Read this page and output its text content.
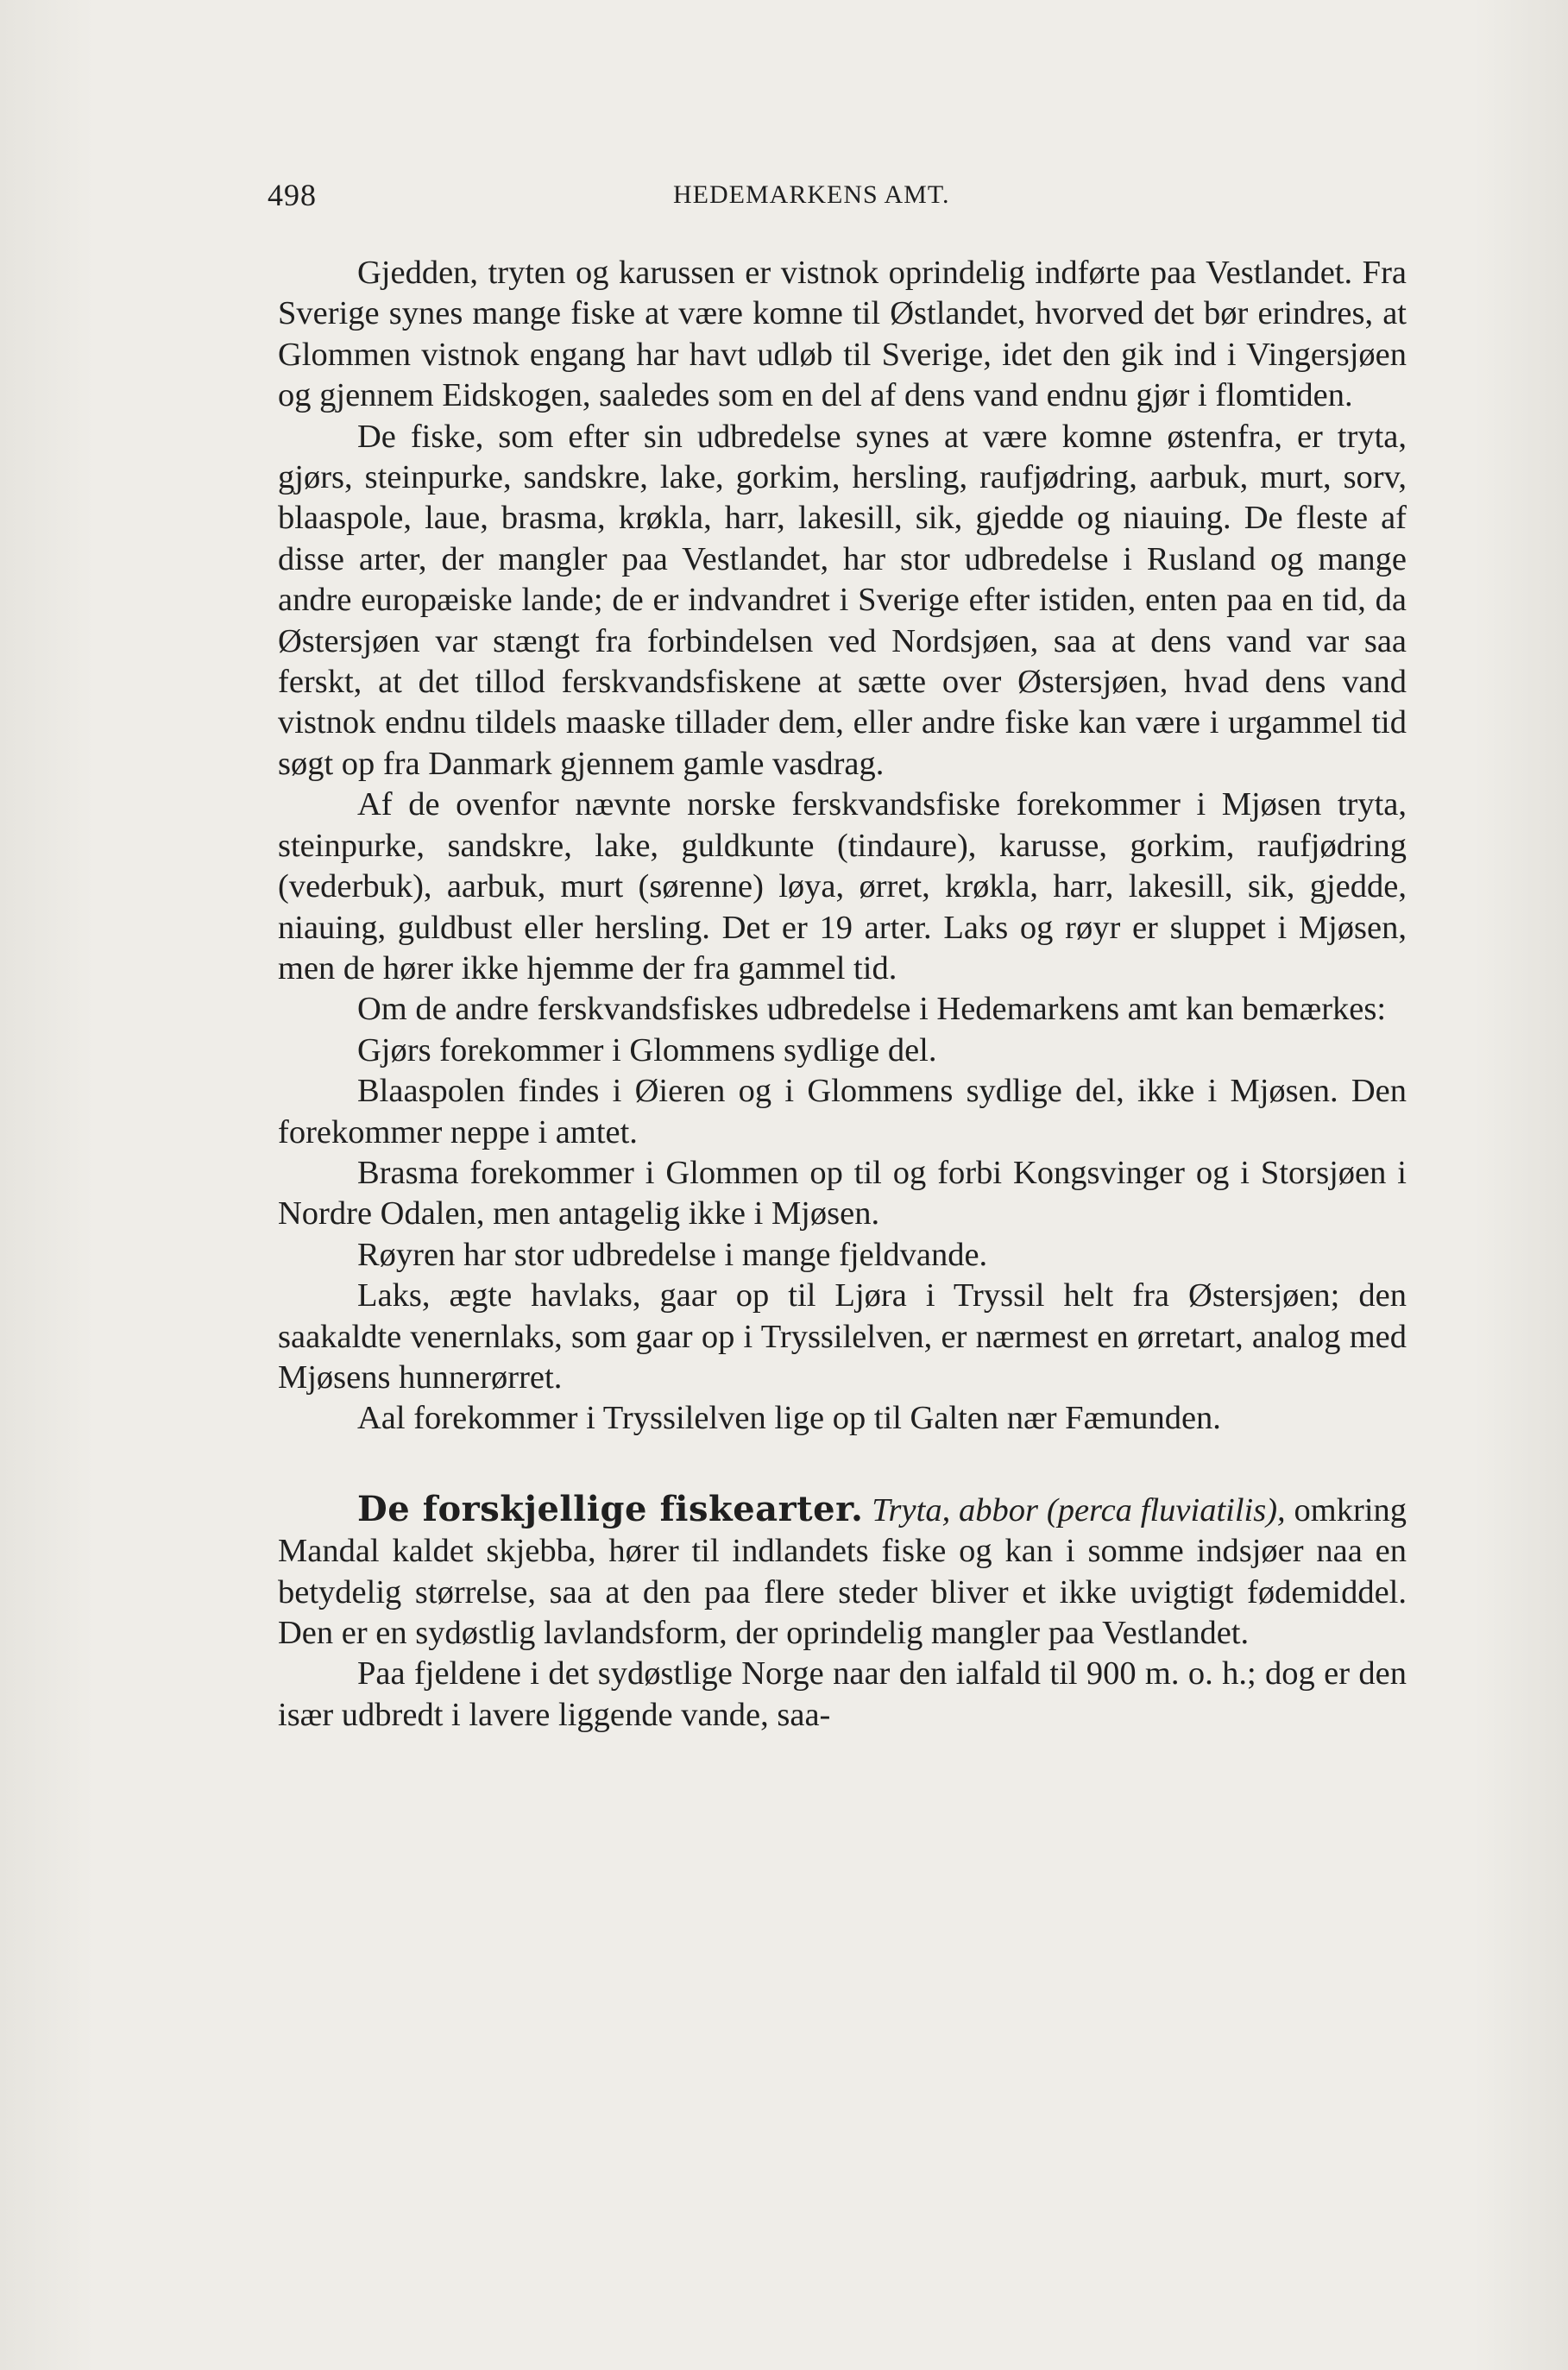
498	HEDEMARKENS AMT.

Gjedden, tryten og karussen er vistnok oprindelig indførte paa Vestlandet. Fra Sverige synes mange fiske at være komne til Østlandet, hvorved det bør erindres, at Glommen vistnok engang har havt udløb til Sverige, idet den gik ind i Vingersjøen og gjennem Eidskogen, saaledes som en del af dens vand endnu gjør i flomtiden.

De fiske, som efter sin udbredelse synes at være komne østenfra, er tryta, gjørs, steinpurke, sandskre, lake, gorkim, hersling, raufjødring, aarbuk, murt, sorv, blaaspole, laue, brasma, krøkla, harr, lakesill, sik, gjedde og niauing. De fleste af disse arter, der mangler paa Vestlandet, har stor udbredelse i Rusland og mange andre europæiske lande; de er indvandret i Sverige efter istiden, enten paa en tid, da Østersjøen var stængt fra forbindelsen ved Nordsjøen, saa at dens vand var saa ferskt, at det tillod ferskvandsfiskene at sætte over Østersjøen, hvad dens vand vistnok endnu tildels maaske tillader dem, eller andre fiske kan være i urgammel tid søgt op fra Danmark gjennem gamle vasdrag.

Af de ovenfor nævnte norske ferskvandsfiske forekommer i Mjøsen tryta, steinpurke, sandskre, lake, guldkunte (tindaure), karusse, gorkim, raufjødring (vederbuk), aarbuk, murt (sørenne) løya, ørret, krøkla, harr, lakesill, sik, gjedde, niauing, guldbust eller hersling. Det er 19 arter. Laks og røyr er sluppet i Mjøsen, men de hører ikke hjemme der fra gammel tid.

Om de andre ferskvandsfiskes udbredelse i Hedemarkens amt kan bemærkes:

Gjørs forekommer i Glommens sydlige del.

Blaaspolen findes i Øieren og i Glommens sydlige del, ikke i Mjøsen. Den forekommer neppe i amtet.

Brasma forekommer i Glommen op til og forbi Kongsvinger og i Storsjøen i Nordre Odalen, men antagelig ikke i Mjøsen.

Røyren har stor udbredelse i mange fjeldvande.

Laks, ægte havlaks, gaar op til Ljøra i Tryssil helt fra Østersjøen; den saakaldte venernlaks, som gaar op i Tryssilelven, er nærmest en ørretart, analog med Mjøsens hunnerørret.

Aal forekommer i Tryssilelven lige op til Galten nær Fæmunden.

De forskjellige fiskearter. Tryta, abbor (perca fluviatilis), omkring Mandal kaldet skjebba, hører til indlandets fiske og kan i somme indsjøer naa en betydelig størrelse, saa at den paa flere steder bliver et ikke uvigtigt fødemiddel. Den er en sydøstlig lavlandsform, der oprindelig mangler paa Vestlandet.

Paa fjeldene i det sydøstlige Norge naar den ialfald til 900 m. o. h.; dog er den især udbredt i lavere liggende vande, saa-
